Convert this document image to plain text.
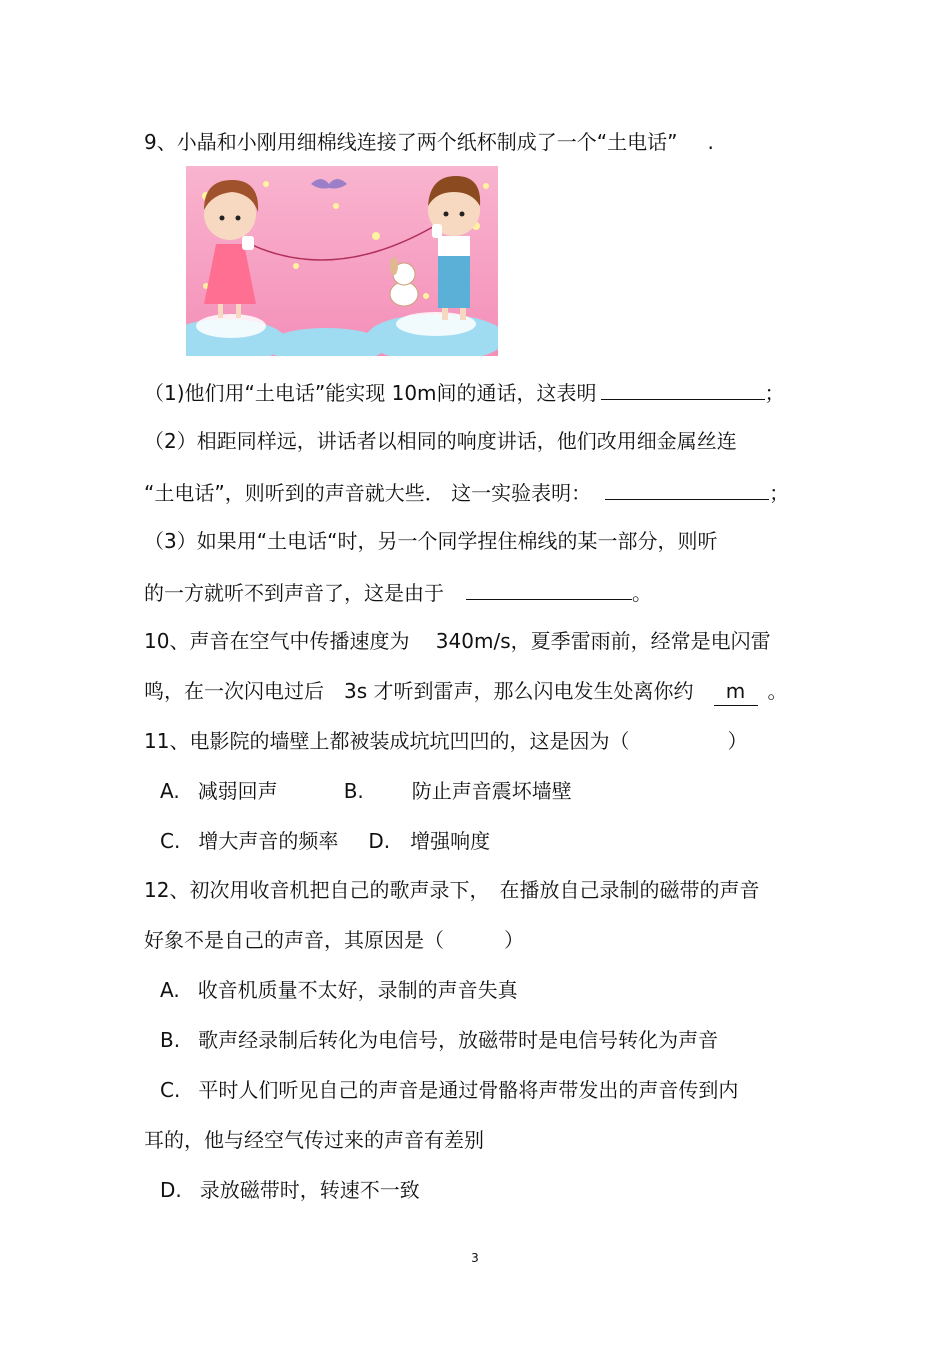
9、小晶和小刚用细棉线连接了两个纸杯制成了一个“土电话” .
（1)他们用“土电话”能实现 10m间的通话，这表明	；
（2）相距同样远，讲话者以相同的响度讲话，他们改用细金属丝连
“土电话”，则听到的声音就大些． 这一实验表明：	；
（3）如果用“土电话“时，另一个同学捏住棉线的某一部分，则听
的一方就听不到声音了，这是由于	。
10、声音在空气中传播速度为　 340m/s，夏季雷雨前，经常是电闪雷
鸣，在一次闪电过后　3s 才听到雷声，那么闪电发生处离你约 m 。
11、电影院的墙壁上都被装成坑坑凹凹的，这是因为（	）
A. 减弱回声	B. 防止声音震坏墙壁
C. 增大声音的频率 D. 增强响度
12、初次用收音机把自己的歌声录下，　在播放自己录制的磁带的声音
好象不是自己的声音，其原因是（	）
A. 收音机质量不太好，录制的声音失真
B. 歌声经录制后转化为电信号，放磁带时是电信号转化为声音
C. 平时人们听见自己的声音是通过骨骼将声带发出的声音传到内
耳的，他与经空气传过来的声音有差别
D. 录放磁带时，转速不一致
3
